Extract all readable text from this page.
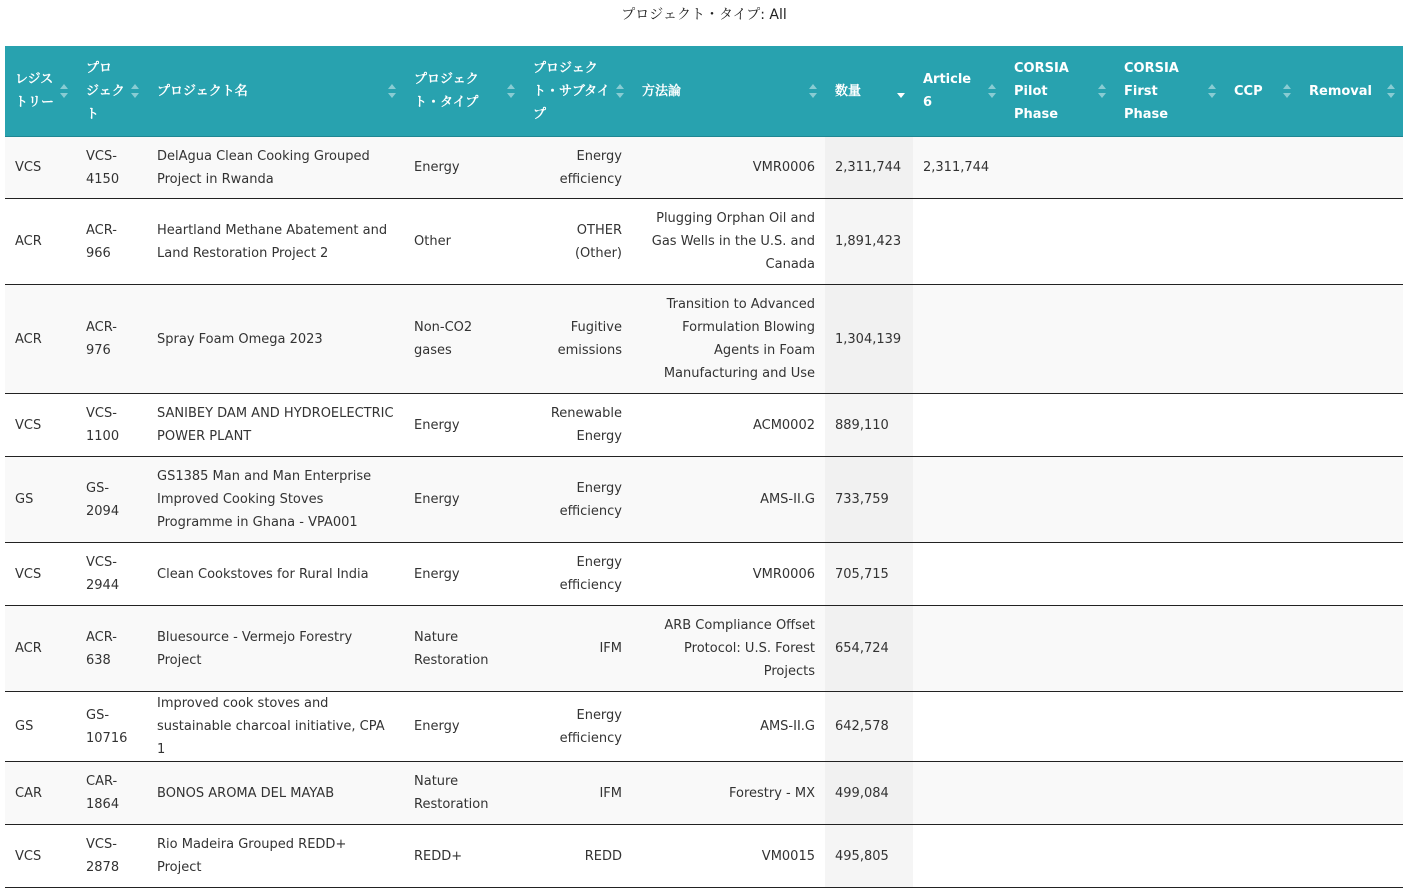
プロジェクト・タイプ: All
レジストリー	プロジェクト	プロジェクト名	プロジェクト・タイプ	プロジェクト・サブタイプ	方法論	数量	Article 6	CORSIA Pilot Phase	CORSIA First Phase	CCP	Removal

VCS	VCS-4150	DelAgua Clean Cooking Grouped Project in Rwanda	Energy	Energy efficiency	VMR0006	2,311,744	2,311,744				
ACR	ACR-966	Heartland Methane Abatement and Land Restoration Project 2	Other	OTHER (Other)	Plugging Orphan Oil and Gas Wells in the U.S. and Canada	1,891,423					
ACR	ACR-976	Spray Foam Omega 2023	Non-CO2 gases	Fugitive emissions	Transition to Advanced Formulation Blowing Agents in Foam Manufacturing and Use	1,304,139					
VCS	VCS-1100	SANIBEY DAM AND HYDROELECTRIC POWER PLANT	Energy	Renewable Energy	ACM0002	889,110					
GS	GS-2094	GS1385 Man and Man Enterprise Improved Cooking Stoves Programme in Ghana - VPA001	Energy	Energy efficiency	AMS-II.G	733,759					
VCS	VCS-2944	Clean Cookstoves for Rural India	Energy	Energy efficiency	VMR0006	705,715					
ACR	ACR-638	Bluesource - Vermejo Forestry Project	Nature Restoration	IFM	ARB Compliance Offset Protocol: U.S. Forest Projects	654,724					
GS	GS-10716	Improved cook stoves and sustainable charcoal initiative, CPA 1	Energy	Energy efficiency	AMS-II.G	642,578					
CAR	CAR-1864	BONOS AROMA DEL MAYAB	Nature Restoration	IFM	Forestry - MX	499,084					
VCS	VCS-2878	Rio Madeira Grouped REDD+ Project	REDD+	REDD	VM0015	495,805					
